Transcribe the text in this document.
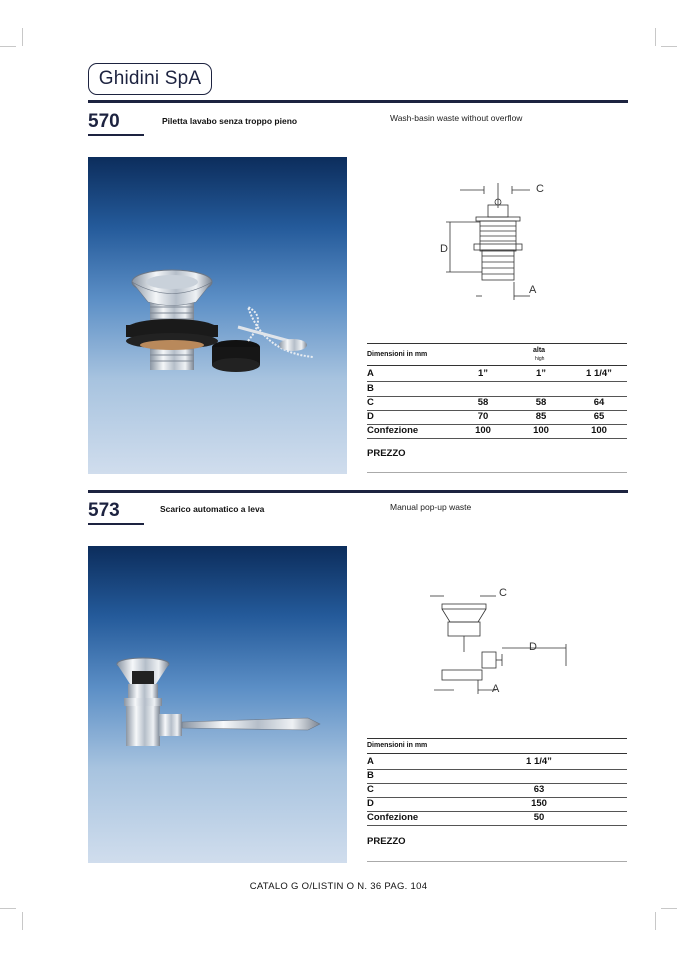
Ghidini SpA
570	Piletta lavabo senza troppo pieno	Wash-basin waste without overflow
C
D
A
Dimensioni in mm
alta
high
A	1”	1”	1 1/4”
B
C	58	58	64
D	70	85	65
Confezione	100	100	100
PREZZO
573	Scarico automatico a leva	Manual pop-up waste
C
D
A
Dimensioni in mm
A	1 1/4”
B
C	63
D	150
Confezione	50
PREZZO
CATALO G O/LISTIN O N. 36 PAG. 104
